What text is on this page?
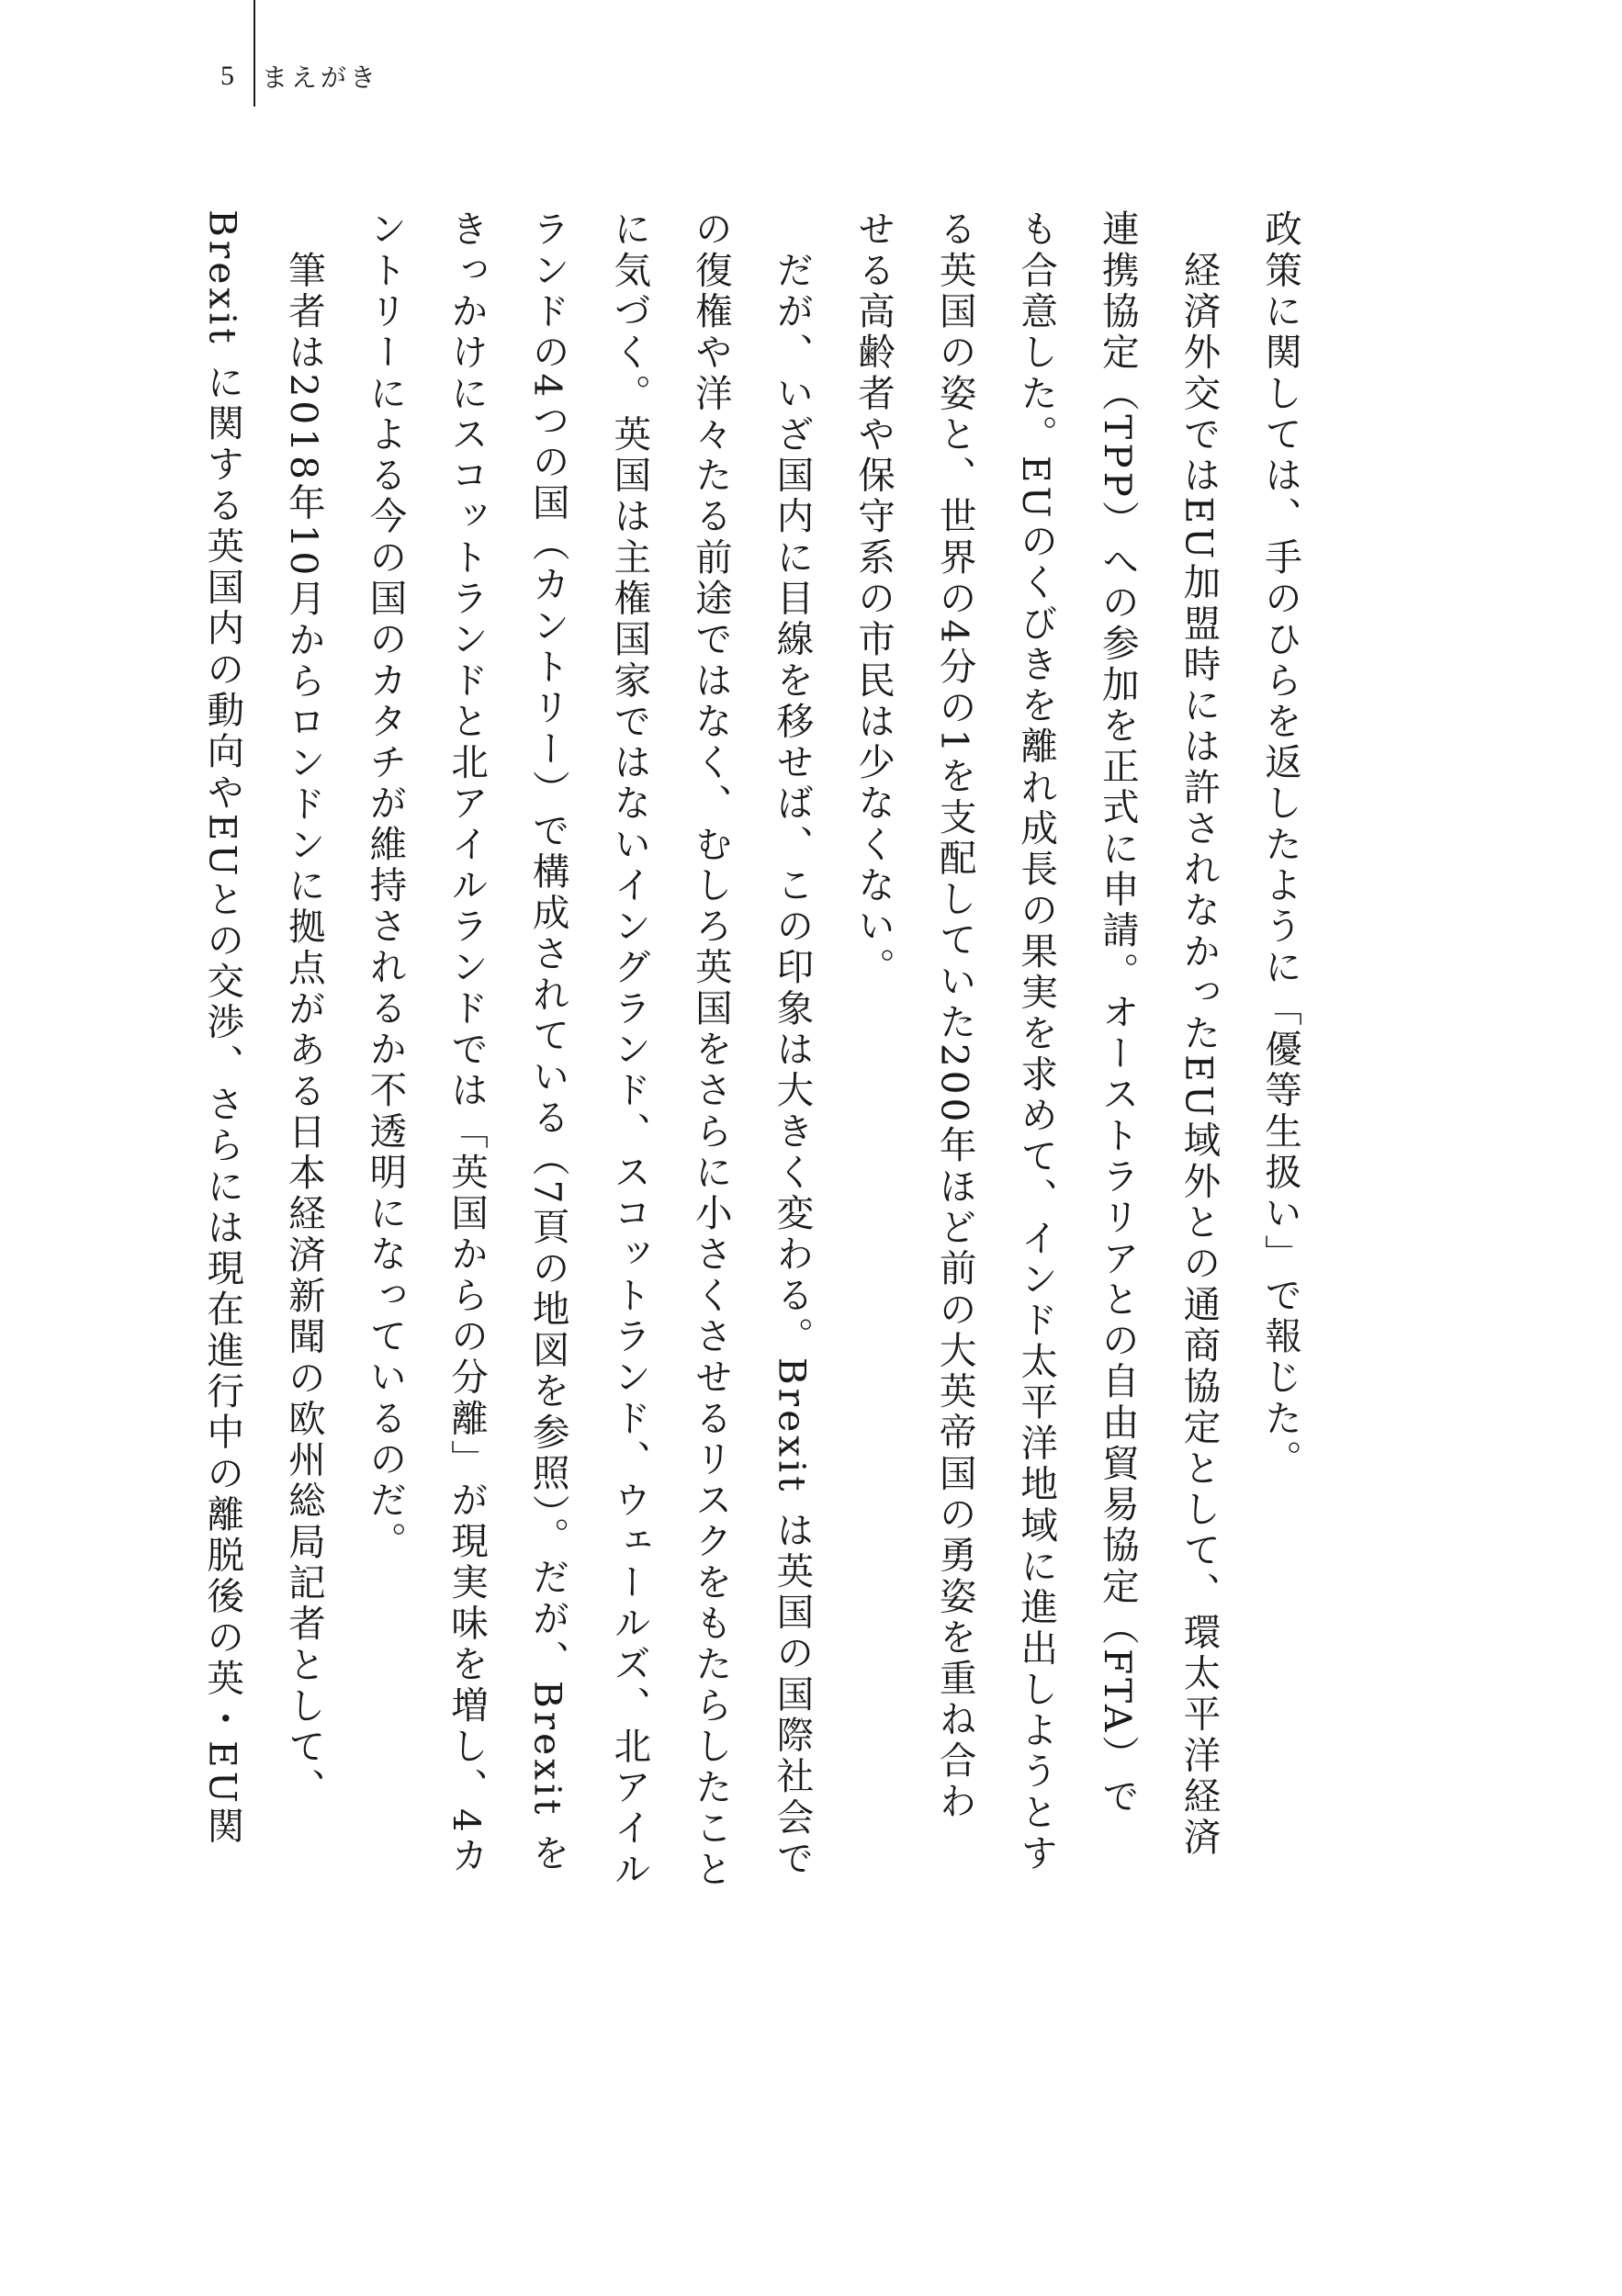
5 まえがき
政策に関しては、手のひらを返したように「優等生扱い」で報じた。
　経済外交ではEU加盟時には許されなかったEU域外との通商協定として、環太平洋経済
連携協定（TPP）への参加を正式に申請。オーストラリアとの自由貿易協定（FTA）で
も合意した。EUのくびきを離れ成長の果実を求めて、インド太平洋地域に進出しようとす
る英国の姿と、世界の4分の1を支配していた200年ほど前の大英帝国の勇姿を重ね合わ
せる高齢者や保守系の市民は少なくない。
　だが、いざ国内に目線を移せば、この印象は大きく変わる。Brexit は英国の国際社会で
の復権や洋々たる前途ではなく、むしろ英国をさらに小さくさせるリスクをもたらしたこと
に気づく。英国は主権国家ではないイングランド、スコットランド、ウェールズ、北アイル
ランドの4つの国（カントリー）で構成されている（7頁の地図を参照）。だが、Brexit を
きっかけにスコットランドと北アイルランドでは「英国からの分離」が現実味を増し、4カ
ントリーによる今の国のカタチが維持されるか不透明になっているのだ。
　筆者は2018年10月からロンドンに拠点がある日本経済新聞の欧州総局記者として、
Brexit に関する英国内の動向やEUとの交渉、さらには現在進行中の離脱後の英・EU関
